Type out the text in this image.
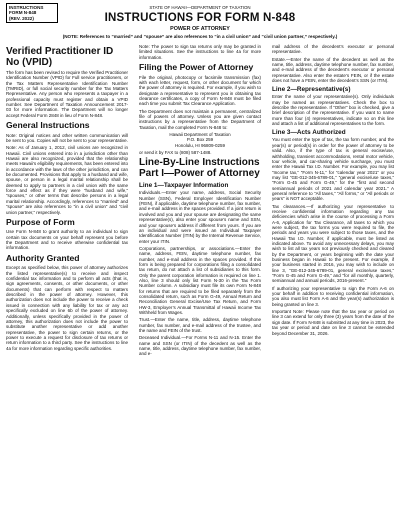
INSTRUCTIONS
FORM N-848
(REV. 2022)
STATE OF HAWAII—DEPARTMENT OF TAXATION
INSTRUCTIONS FOR FORM N-848
POWER OF ATTORNEY
(NOTE: References to “married” and “spouse” are also references to “in a civil union” and “civil union partner,” respectively.)
Verified Practitioner ID No (VPID)

The form has been revised to require the Verified Practitioner Identification Number (VPID) for Full service practitioners, or the Tax Matters Representative Identification Number (TMRID), or full social security number for the Tax Matters Representative. Any person who represents a taxpayer in a professional capacity must register and obtain a VPID number. See Department of Taxation Announcement 2017-03 for more information. The Department will no longer accept Federal Form 2848 in lieu of Form N-848.

General Instructions

Note: Original notices and other written communication will be sent to you. Copies will not be sent to your representative.

Note: As of January 1, 2012, civil unions are recognized in Hawaii. Civil unions entered into in a jurisdiction other than Hawaii are also recognized, provided that the relationship meets Hawaii’s eligibility requirements, has been entered into in accordance with the laws of the other jurisdiction, and can be documented. Provisions that apply to a husband and wife, spouse, or person in a legal marital relationship shall be deemed to apply to partners in a civil union with the same force and effect as if they were “husband and wife,” “spouses,” or other terms that describe persons in a legal marital relationship. Accordingly, references to “married” and “spouse” are also references to “in a civil union” and “civil union partner,” respectively.

Purpose of Form

Use Form N-848 to grant authority to an individual to sign certain tax documents on your behalf represent you before the Department and to receive otherwise confidential tax information.

Authority Granted

Except as specified below, this power of attorney authorizes the listed representative(s) to receive and inspect confidential tax information and to perform all acts (that is, sign agreements, consents, or other documents, or other documents) that can perform with respect to matters described in the power of attorney. However, this authorization does not include the power to receive a check issued in connection with any liability for tax or any act specifically excluded on line 6b of the power of attorney. Additionally, unless specifically provided in the power of attorney, this authorization does not include the power to substitute another representative or add another representative, the power to sign certain returns, or the power to execute a request for disclosure of tax returns or return information to a third party. See the instructions to line 4a for more information regarding specific authorities.

Note: The power to sign tax returns only may be granted in limited situations. See the instructions to line 4a for more information.

Filing the Power of Attorney

File the original, photocopy or facsimile transmission (fax) with each letter, request, form, or other document for which the power of attorney is required. For example, if you wish to designate a representative to represent you in obtaining tax clearance certificates, a copy of Form N-848 must be filed each time you submit Tax Clearance Application.

The Department does not maintain a permanent, centralized file of powers of attorney. Unless you are given contact instructions by a representative from the Department of Taxation, mail the completed Form N-848 to:

Hawaii Department of Taxation
P.O. Box 259
Honolulu, HI 96809-0259

or send it by FAX to (808) 587-1488.

Line-By-Line Instructions Part I—Power of Attorney
Line 1—Taxpayer Information

Individuals.—Enter your name, address, Social Security Number (SSN), Federal Employer Identification Number (FEIN), if applicable, daytime telephone number, fax number, and e-mail address in the spaces provided. If a joint return is involved and you and your spouse are designating the same representative(s), also enter your spouse’s name and SSN, and your spouse’s address if different from yours. If you are an individual and were issued an Individual Taxpayer Identification Number (ITIN) by the Internal Revenue Service, enter your ITIN.

Corporations, partnerships, or associations.—Enter the name, address, FEIN, daytime telephone number, fax number, and e-mail address in the spaces provided. If this form is being prepared for corporations filing a consolidated tax return, do not attach a list of subsidiaries to this form. Only the parent corporation information is required on line 1. Also, line 3 should only list Form N-30 in the Tax Form Number column. A subsidiary must file its own Form N-848 for returns that are required to be filed separately from the consolidated return, such as Form G-49, Annual Return and Reconciliation General Excise/Use Tax Return, and Form HW-3, Employer’s Annual Transmittal of Hawaii Income Tax Withheld from Wages.

Trust.—Enter the name, title, address, daytime telephone number, fax number, and e-mail address of the trustee, and the name and FEIN of the trust.

Deceased Individual.—For Forms N-11 and N-15. Enter the name and SSN (or ITIN) of the decedent as well as the name, title, address, daytime telephone number, fax number, and e-

mail address of the decedent’s executor or personal representative.

Estate.—Enter the name of the decedent as well as the name, title, address, daytime telephone number, fax number, and e-mail address of the decedent’s executor or personal representative. Also enter the estate’s FEIN, or if the estate does not have a FEIN, enter the decedent’s SSN (or ITIN).

Line 2—Representative(s)

Enter the name of your representative(s). Only individuals may be named as representatives. Check the box to describe the representative. If “Other” box is checked, give a brief description of the representative. If you want to name more than four (4) representatives, indicate so on this line and attach a list of additional representatives to the form.

Line 3—Acts Authorized

You must enter the type of tax, the tax form number, and the year(s) or period(s) in order for the power of attorney to be valid. Also, if the type of tax is general excise/use, withholding, transient accommodations, rental motor vehicle, tour vehicle, and car-sharing vehicle surcharge, you must enter the Hawaii Tax I.D. Number. For example, you may list “Income tax,” “Form N-11,” for “calendar year 2021” or you may list “GE-012-345-6789-01,” “general excise/use taxes,” “Form G-45 and Form G-49,” for the “first and second semiannual periods of 2021 and calendar year 2021.” A general reference to “All taxes,” “All forms,” or “All periods or years” is NOT acceptable.

Tax clearances.—If authorizing your representative to receive confidential information regarding any tax deficiencies which arise in the course of processing a Form A-6, Application for Tax Clearance, all taxes to which you were subject, the tax forms you were required to file, the periods and years you were subject to those taxes, and the Hawaii Tax I.D. Number, if applicable, must be listed as indicated above. To avoid any unnecessary delays, you may wish to list all tax years not previously checked and cleared by the Department, or years beginning with the date your business began in Hawaii to the present. For example, if your business started in 2016, you may wish to include on line 3, “GE-012-345-6789-01, general excise/use taxes,” “Form G-45 and Form G-49,” and “for all monthly, quarterly, semiannual and annual periods, 2016-present.”

If authorizing your representative to sign the Form A-6 on your behalf in addition to receiving confidential information, you also must list Form A-6 and the year(s) authorization is being granted on line 3.

Important Note: Please note that the tax year or period on line 3 can extend for only three (3) years from the date of the sign date. If Form N-848 is submitted at any time in 2023, the tax year or period and date on line 3 cannot be extended beyond December 31, 2026.
